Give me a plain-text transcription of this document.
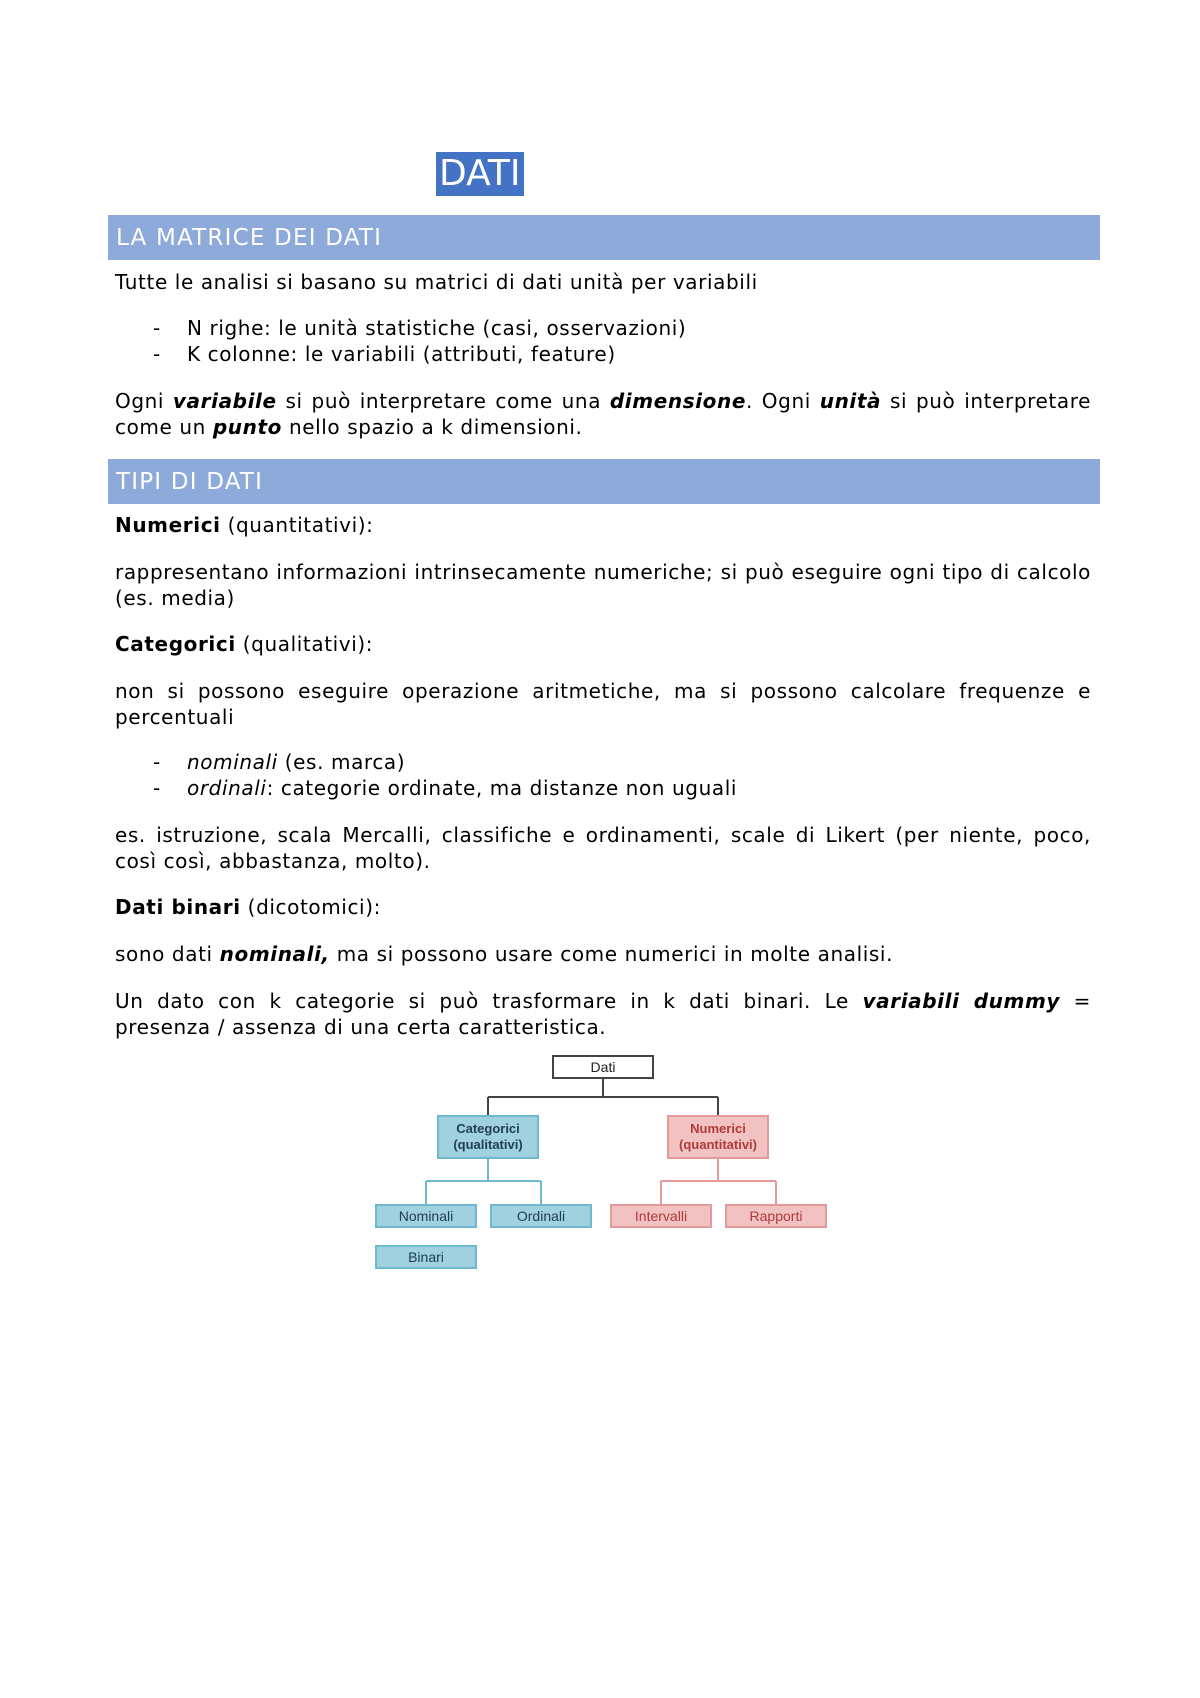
DATI
LA MATRICE DEI DATI
Tutte le analisi si basano su matrici di dati unità per variabili
- N righe: le unità statistiche (casi, osservazioni)
- K colonne: le variabili (attributi, feature)
Ogni variabile si può interpretare come una dimensione. Ogni unità si può interpretare come un punto nello spazio a k dimensioni.
TIPI DI DATI
Numerici (quantitativi):
rappresentano informazioni intrinsecamente numeriche; si può eseguire ogni tipo di calcolo (es. media)
Categorici (qualitativi):
non si possono eseguire operazione aritmetiche, ma si possono calcolare frequenze e percentuali
- nominali (es. marca)
- ordinali: categorie ordinate, ma distanze non uguali
es. istruzione, scala Mercalli, classifiche e ordinamenti, scale di Likert (per niente, poco, così così, abbastanza, molto).
Dati binari (dicotomici):
sono dati nominali, ma si possono usare come numerici in molte analisi.
Un dato con k categorie si può trasformare in k dati binari. Le variabili dummy = presenza / assenza di una certa caratteristica.
Dati
Categorici
(qualitativi)
Numerici
(quantitativi)
Nominali	Ordinali	Intervalli	Rapporti
Binari
